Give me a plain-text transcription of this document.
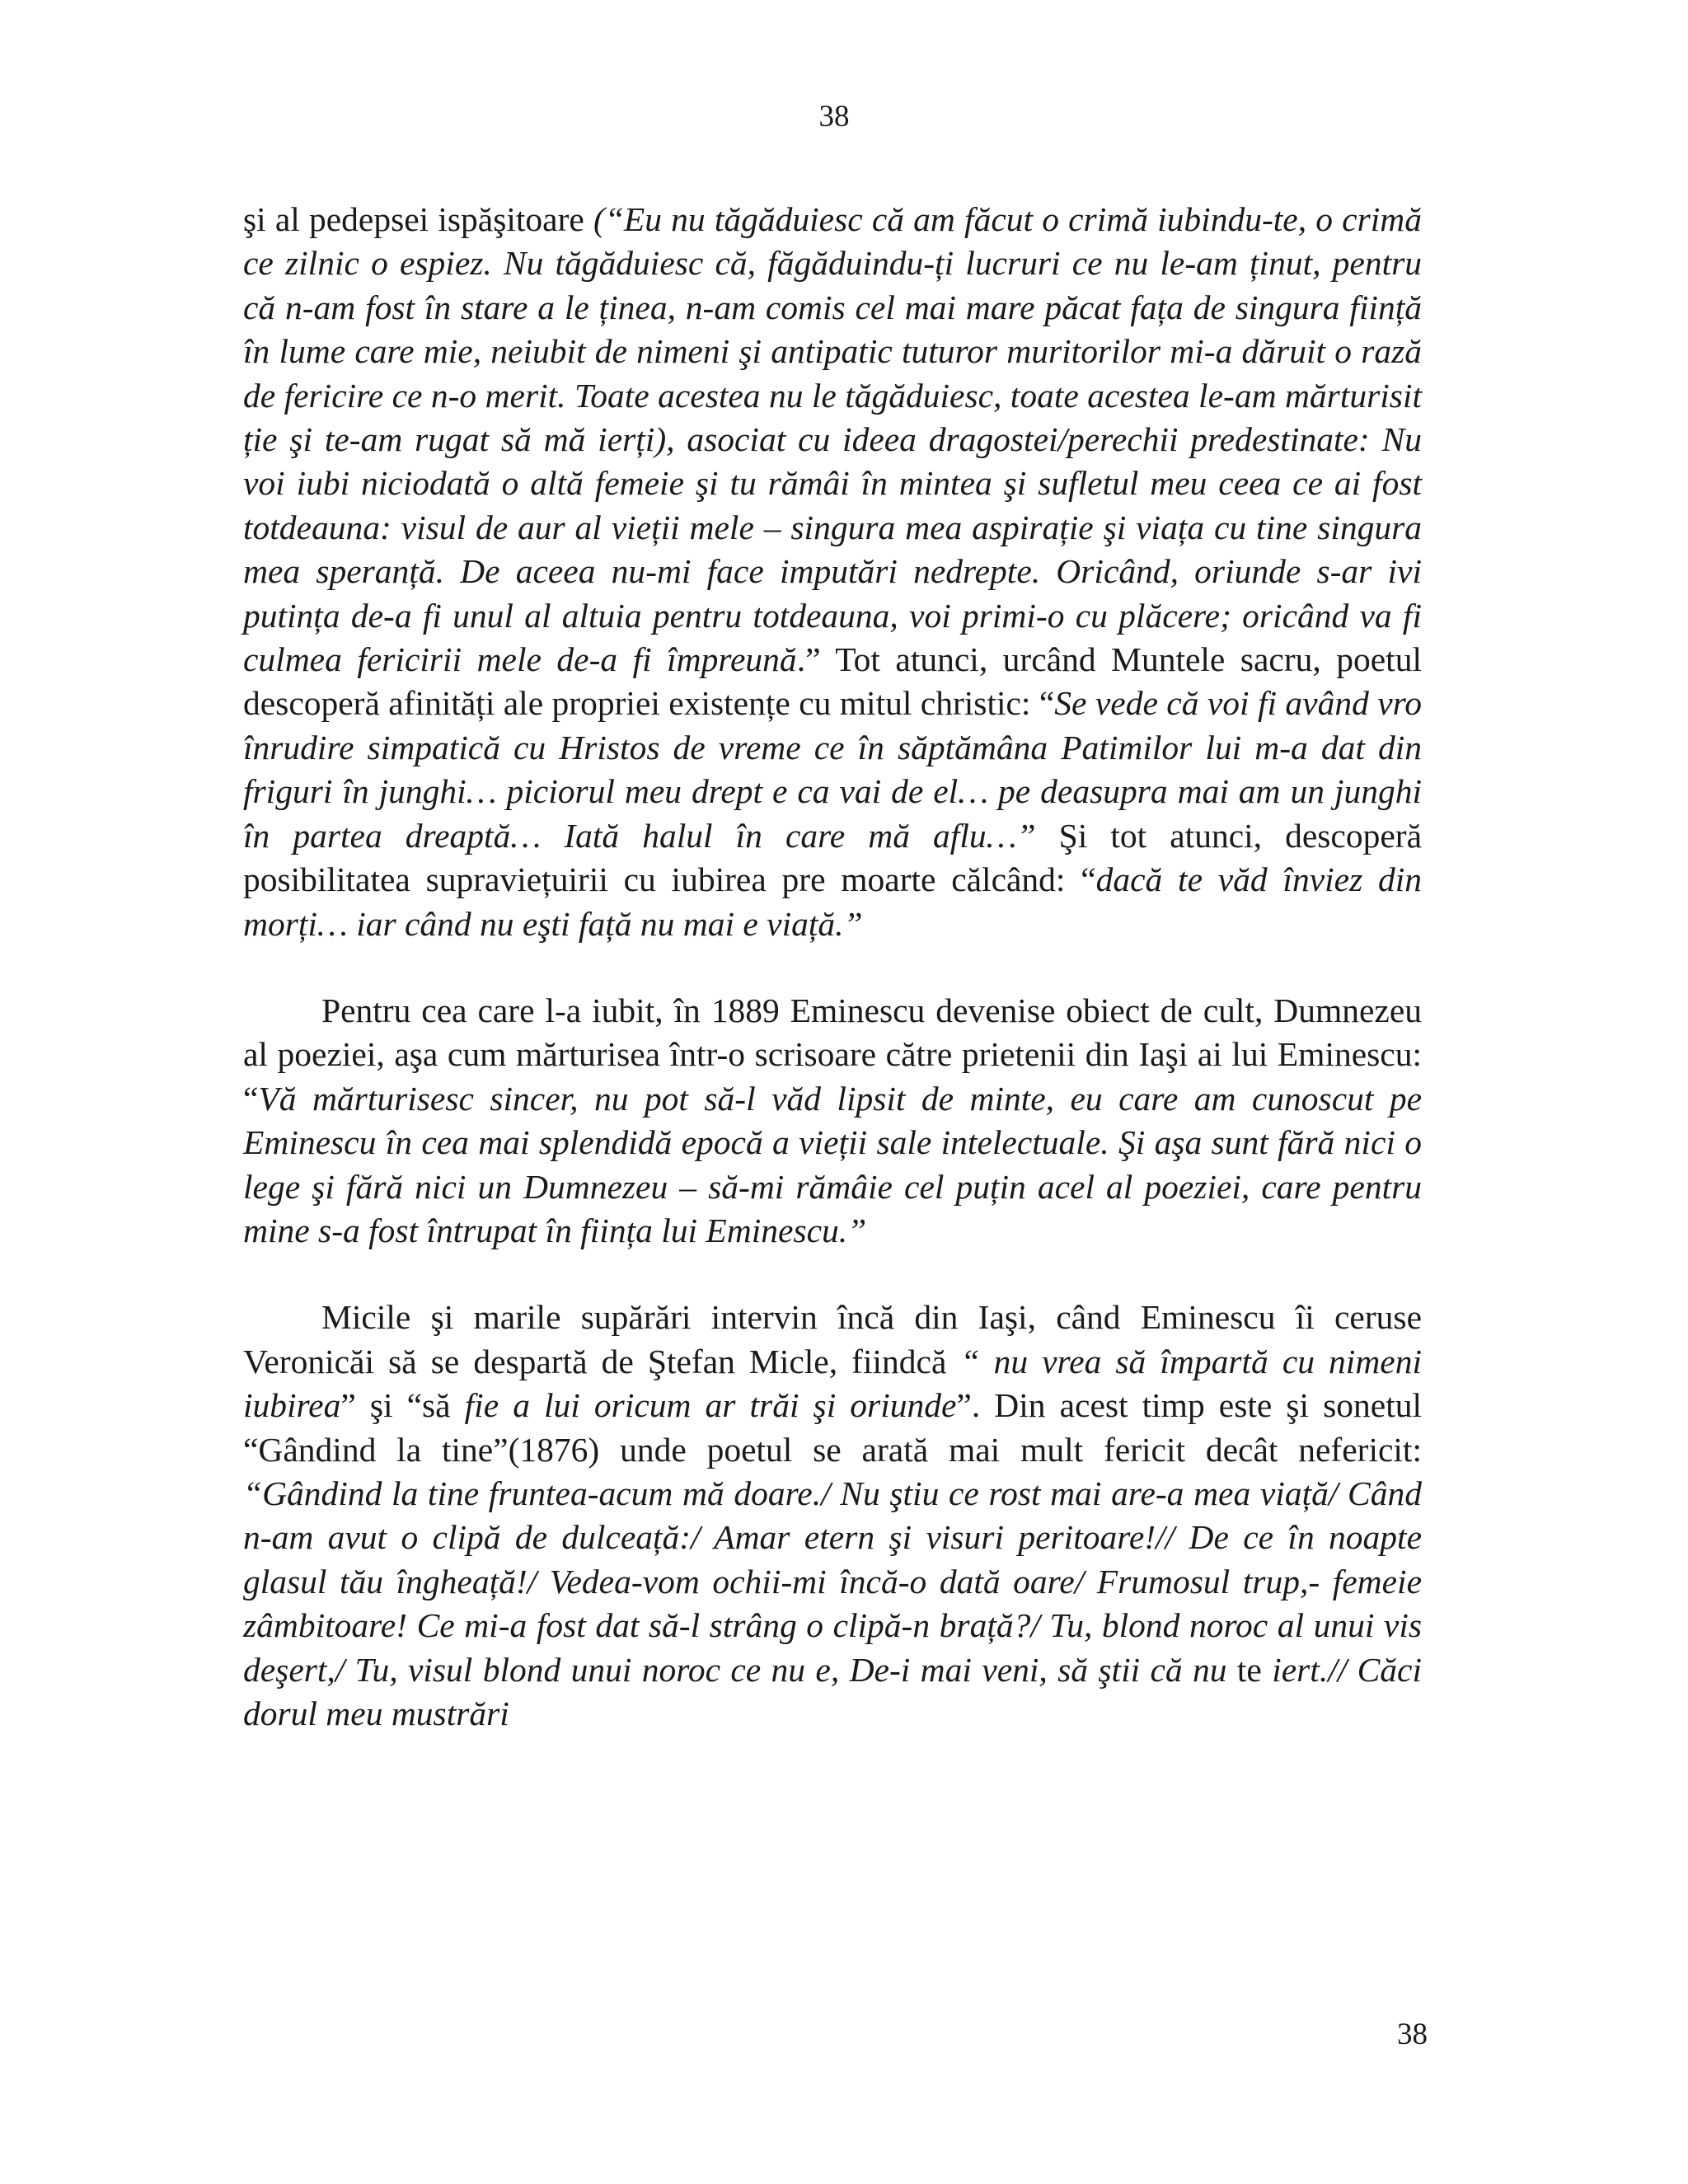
38

şi al pedepsei ispăşitoare (“Eu nu tăgăduiesc că am făcut o crimă iubindu-te, o crimă ce zilnic o espiez. Nu tăgăduiesc că, făgăduindu-ți lucruri ce nu le-am ținut, pentru că n-am fost în stare a le ținea, n-am comis cel mai mare păcat fața de singura ființă în lume care mie, neiubit de nimeni şi antipatic tuturor muritorilor mi-a dăruit o rază de fericire ce n-o merit. Toate acestea nu le tăgăduiesc, toate acestea le-am mărturisit ție şi te-am rugat să mă ierți), asociat cu ideea dragostei/perechii predestinate: Nu voi iubi niciodată o altă femeie şi tu rămâi în mintea şi sufletul meu ceea ce ai fost totdeauna: visul de aur al vieții mele – singura mea aspirație şi viața cu tine singura mea speranță. De aceea nu-mi face imputări nedrepte. Oricând, oriunde s-ar ivi putința de-a fi unul al altuia pentru totdeauna, voi primi-o cu plăcere; oricând va fi culmea fericirii mele de-a fi împreună.” Tot atunci, urcând Muntele sacru, poetul descoperă afinități ale propriei existențe cu mitul christic: “Se vede că voi fi având vro înrudire simpatică cu Hristos de vreme ce în săptămâna Patimilor lui m-a dat din friguri în junghi… piciorul meu drept e ca vai de el… pe deasupra mai am un junghi în partea dreaptă… Iată halul în care mă aflu…” Şi tot atunci, descoperă posibilitatea supraviețuirii cu iubirea pre moarte călcând: “dacă te văd înviez din morți… iar când nu eşti față nu mai e viață.”

Pentru cea care l-a iubit, în 1889 Eminescu devenise obiect de cult, Dumnezeu al poeziei, aşa cum mărturisea într-o scrisoare către prietenii din Iaşi ai lui Eminescu: “Vă mărturisesc sincer, nu pot să-l văd lipsit de minte, eu care am cunoscut pe Eminescu în cea mai splendidă epocă a vieții sale intelectuale. Şi aşa sunt fără nici o lege şi fără nici un Dumnezeu – să-mi rămâie cel puțin acel al poeziei, care pentru mine s-a fost întrupat în ființa lui Eminescu.”

Micile şi marile supărări intervin încă din Iaşi, când Eminescu îi ceruse Veronicăi să se despartă de Ştefan Micle, fiindcă “ nu vrea să împartă cu nimeni iubirea” şi “să fie a lui oricum ar trăi şi oriunde”. Din acest timp este şi sonetul “Gândind la tine”(1876) unde poetul se arată mai mult fericit decât nefericit: “Gândind la tine fruntea-acum mă doare./ Nu ştiu ce rost mai are-a mea viață/ Când n-am avut o clipă de dulceață:/ Amar etern şi visuri peritoare!// De ce în noapte glasul tău îngheață!/ Vedea-vom ochii-mi încă-o dată oare/ Frumosul trup,- femeie zâmbitoare! Ce mi-a fost dat să-l strâng o clipă-n brață?/ Tu, blond noroc al unui vis deşert,/ Tu, visul blond unui noroc ce nu e, De-i mai veni, să ştii că nu te iert.// Căci dorul meu mustrări

38
